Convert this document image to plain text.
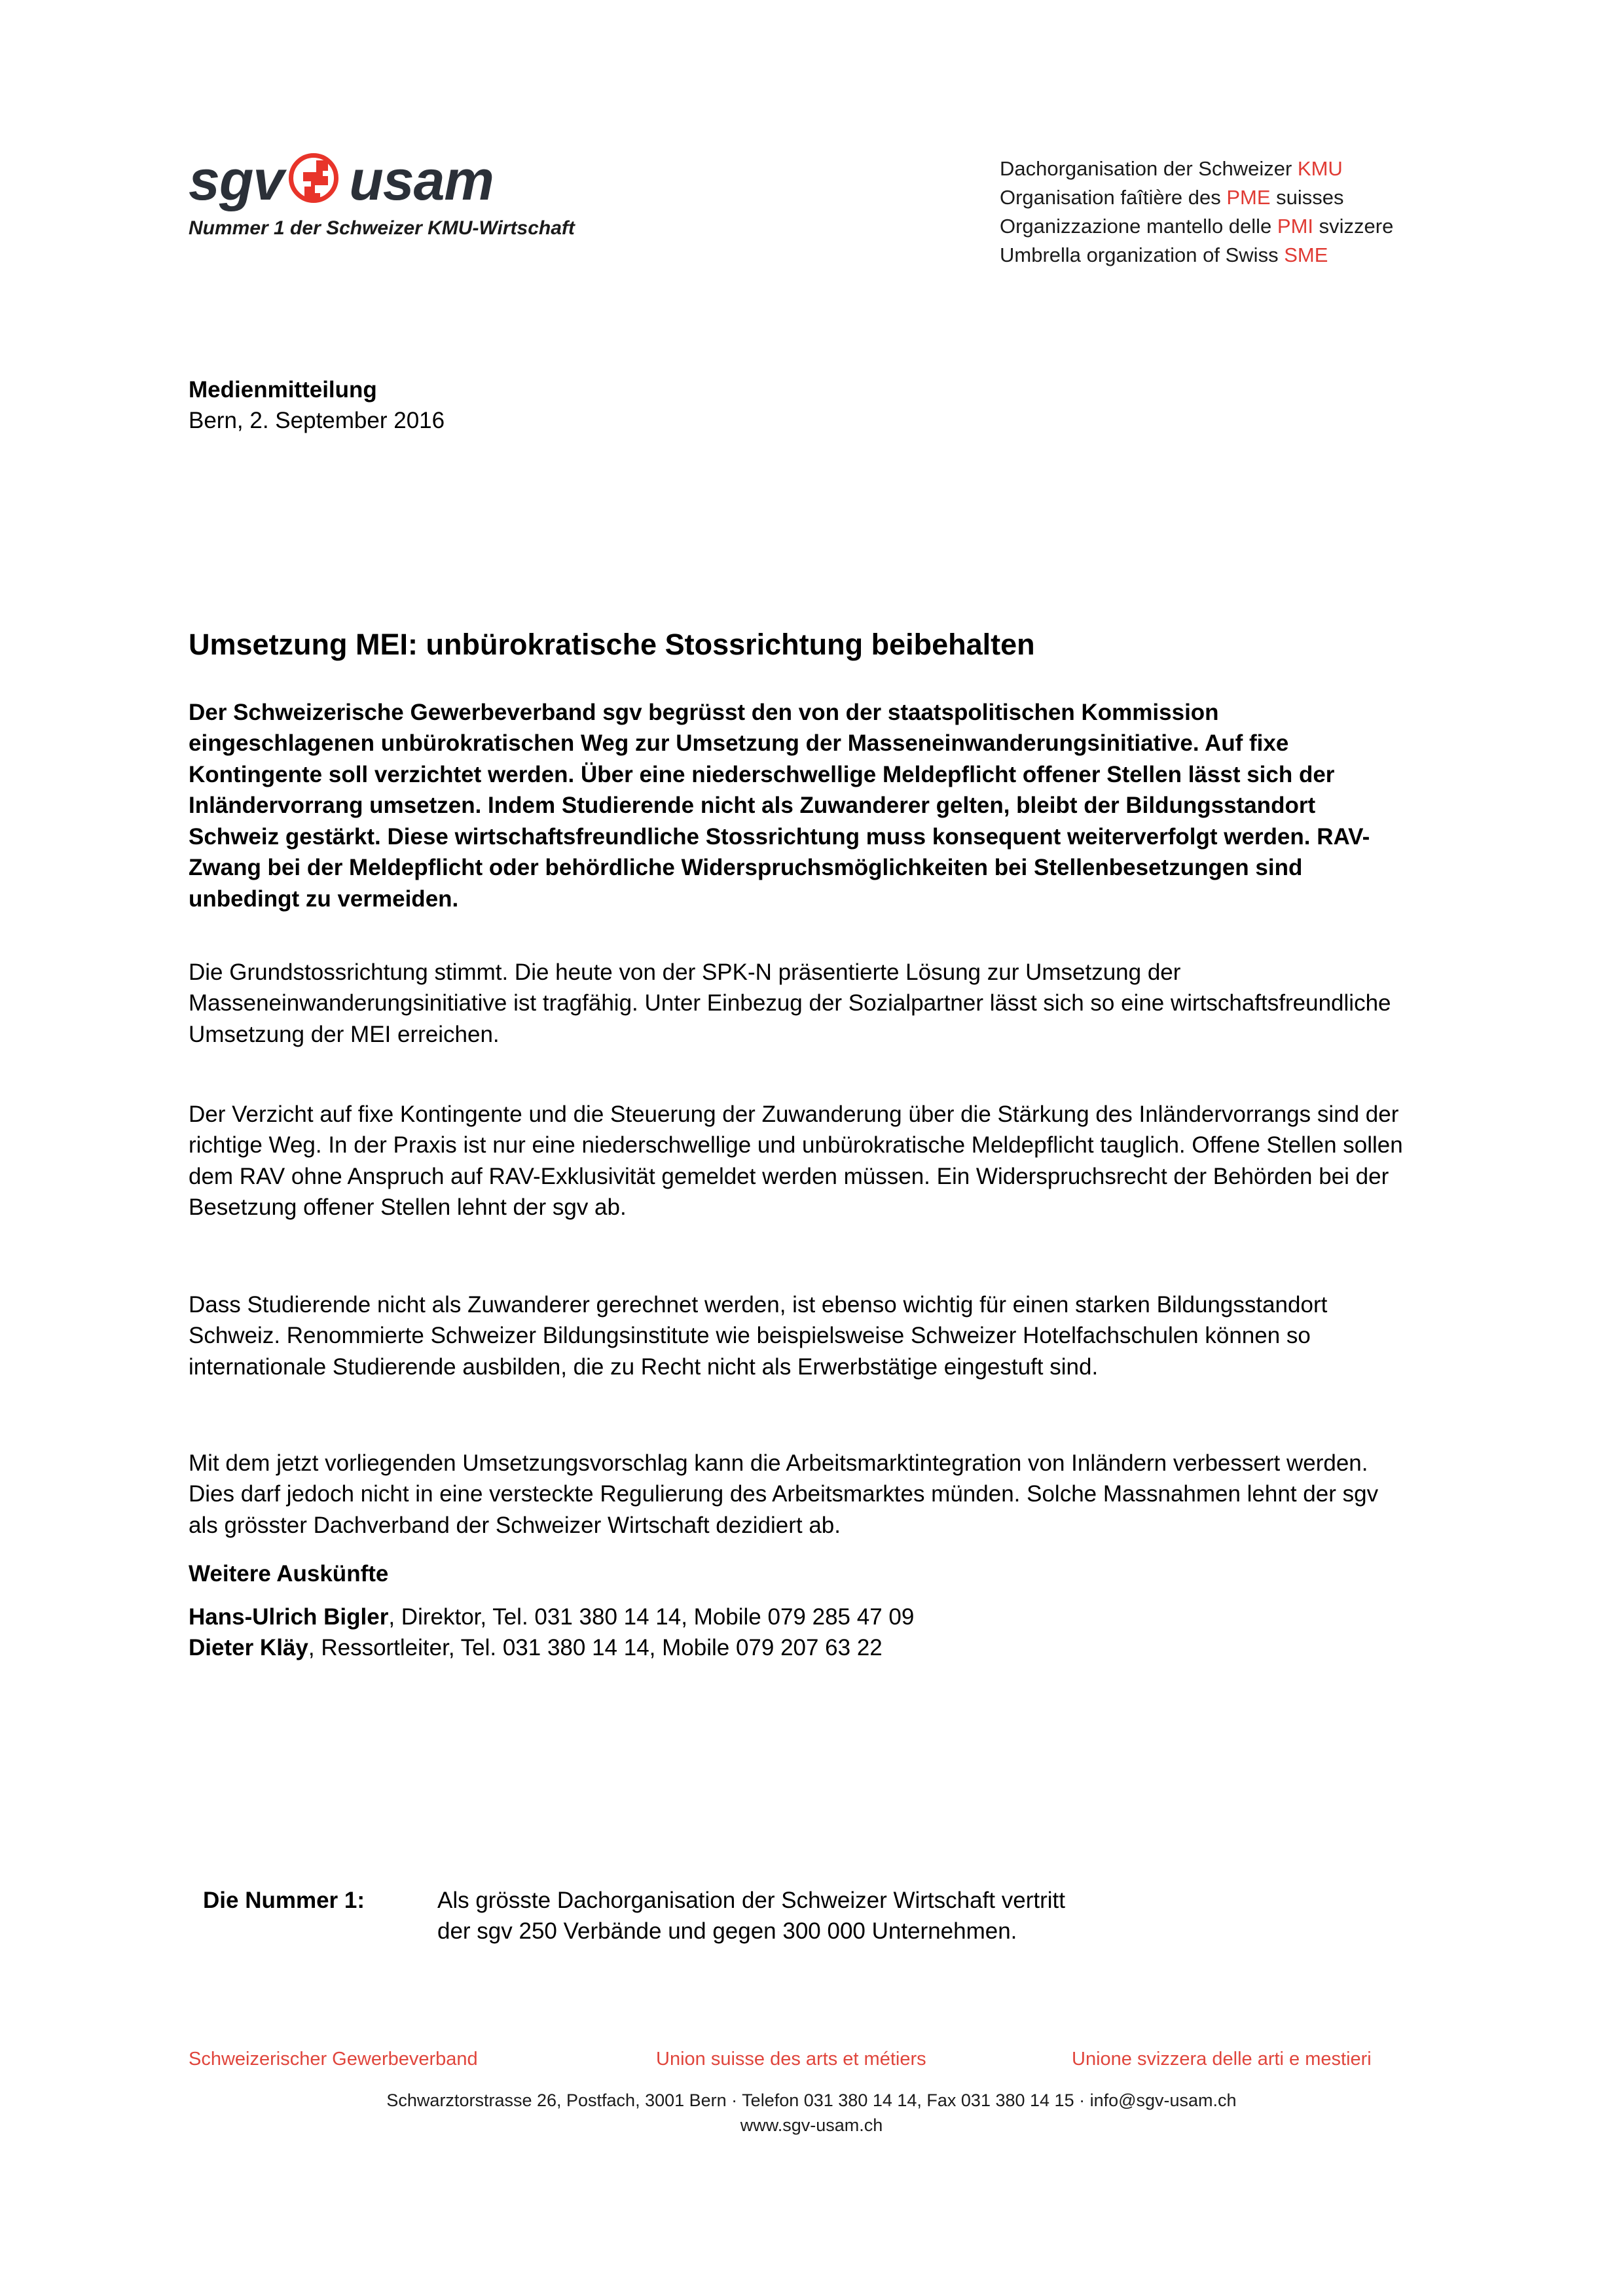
sgv usam
Nummer 1 der Schweizer KMU-Wirtschaft
Dachorganisation der Schweizer KMU
Organisation faîtière des PME suisses
Organizzazione mantello delle PMI svizzere
Umbrella organization of Swiss SME
Medienmitteilung
Bern, 2. September 2016
Umsetzung MEI: unbürokratische Stossrichtung beibehalten

Der Schweizerische Gewerbeverband sgv begrüsst den von der staatspolitischen Kommission eingeschlagenen unbürokratischen Weg zur Umsetzung der Masseneinwanderungsinitiative. Auf fixe Kontingente soll verzichtet werden. Über eine niederschwellige Meldepflicht offener Stellen lässt sich der Inländervorrang umsetzen. Indem Studierende nicht als Zuwanderer gelten, bleibt der Bildungsstandort Schweiz gestärkt. Diese wirtschaftsfreundliche Stossrichtung muss konsequent weiterverfolgt werden. RAV-Zwang bei der Meldepflicht oder behördliche Widerspruchsmöglichkeiten bei Stellenbesetzungen sind unbedingt zu vermeiden.

Die Grundstossrichtung stimmt. Die heute von der SPK-N präsentierte Lösung zur Umsetzung der Masseneinwanderungsinitiative ist tragfähig. Unter Einbezug der Sozialpartner lässt sich so eine wirtschaftsfreundliche Umsetzung der MEI erreichen.

Der Verzicht auf fixe Kontingente und die Steuerung der Zuwanderung über die Stärkung des Inländervorrangs sind der richtige Weg. In der Praxis ist nur eine niederschwellige und unbürokratische Meldepflicht tauglich. Offene Stellen sollen dem RAV ohne Anspruch auf RAV-Exklusivität gemeldet werden müssen. Ein Widerspruchsrecht der Behörden bei der Besetzung offener Stellen lehnt der sgv ab.

Dass Studierende nicht als Zuwanderer gerechnet werden, ist ebenso wichtig für einen starken Bildungsstandort Schweiz. Renommierte Schweizer Bildungsinstitute wie beispielsweise Schweizer Hotelfachschulen können so internationale Studierende ausbilden, die zu Recht nicht als Erwerbstätige eingestuft sind.

Mit dem jetzt vorliegenden Umsetzungsvorschlag kann die Arbeitsmarktintegration von Inländern verbessert werden. Dies darf jedoch nicht in eine versteckte Regulierung des Arbeitsmarktes münden. Solche Massnahmen lehnt der sgv als grösster Dachverband der Schweizer Wirtschaft dezidiert ab.

Weitere Auskünfte
Hans-Ulrich Bigler, Direktor, Tel. 031 380 14 14, Mobile 079 285 47 09
Dieter Kläy, Ressortleiter, Tel. 031 380 14 14, Mobile 079 207 63 22
Die Nummer 1:	Als grösste Dachorganisation der Schweizer Wirtschaft vertritt
der sgv 250 Verbände und gegen 300 000 Unternehmen.
Schweizerischer Gewerbeverband	Union suisse des arts et métiers	Unione svizzera delle arti e mestieri
Schwarztorstrasse 26, Postfach, 3001 Bern · Telefon 031 380 14 14, Fax 031 380 14 15 · info@sgv-usam.ch
www.sgv-usam.ch
